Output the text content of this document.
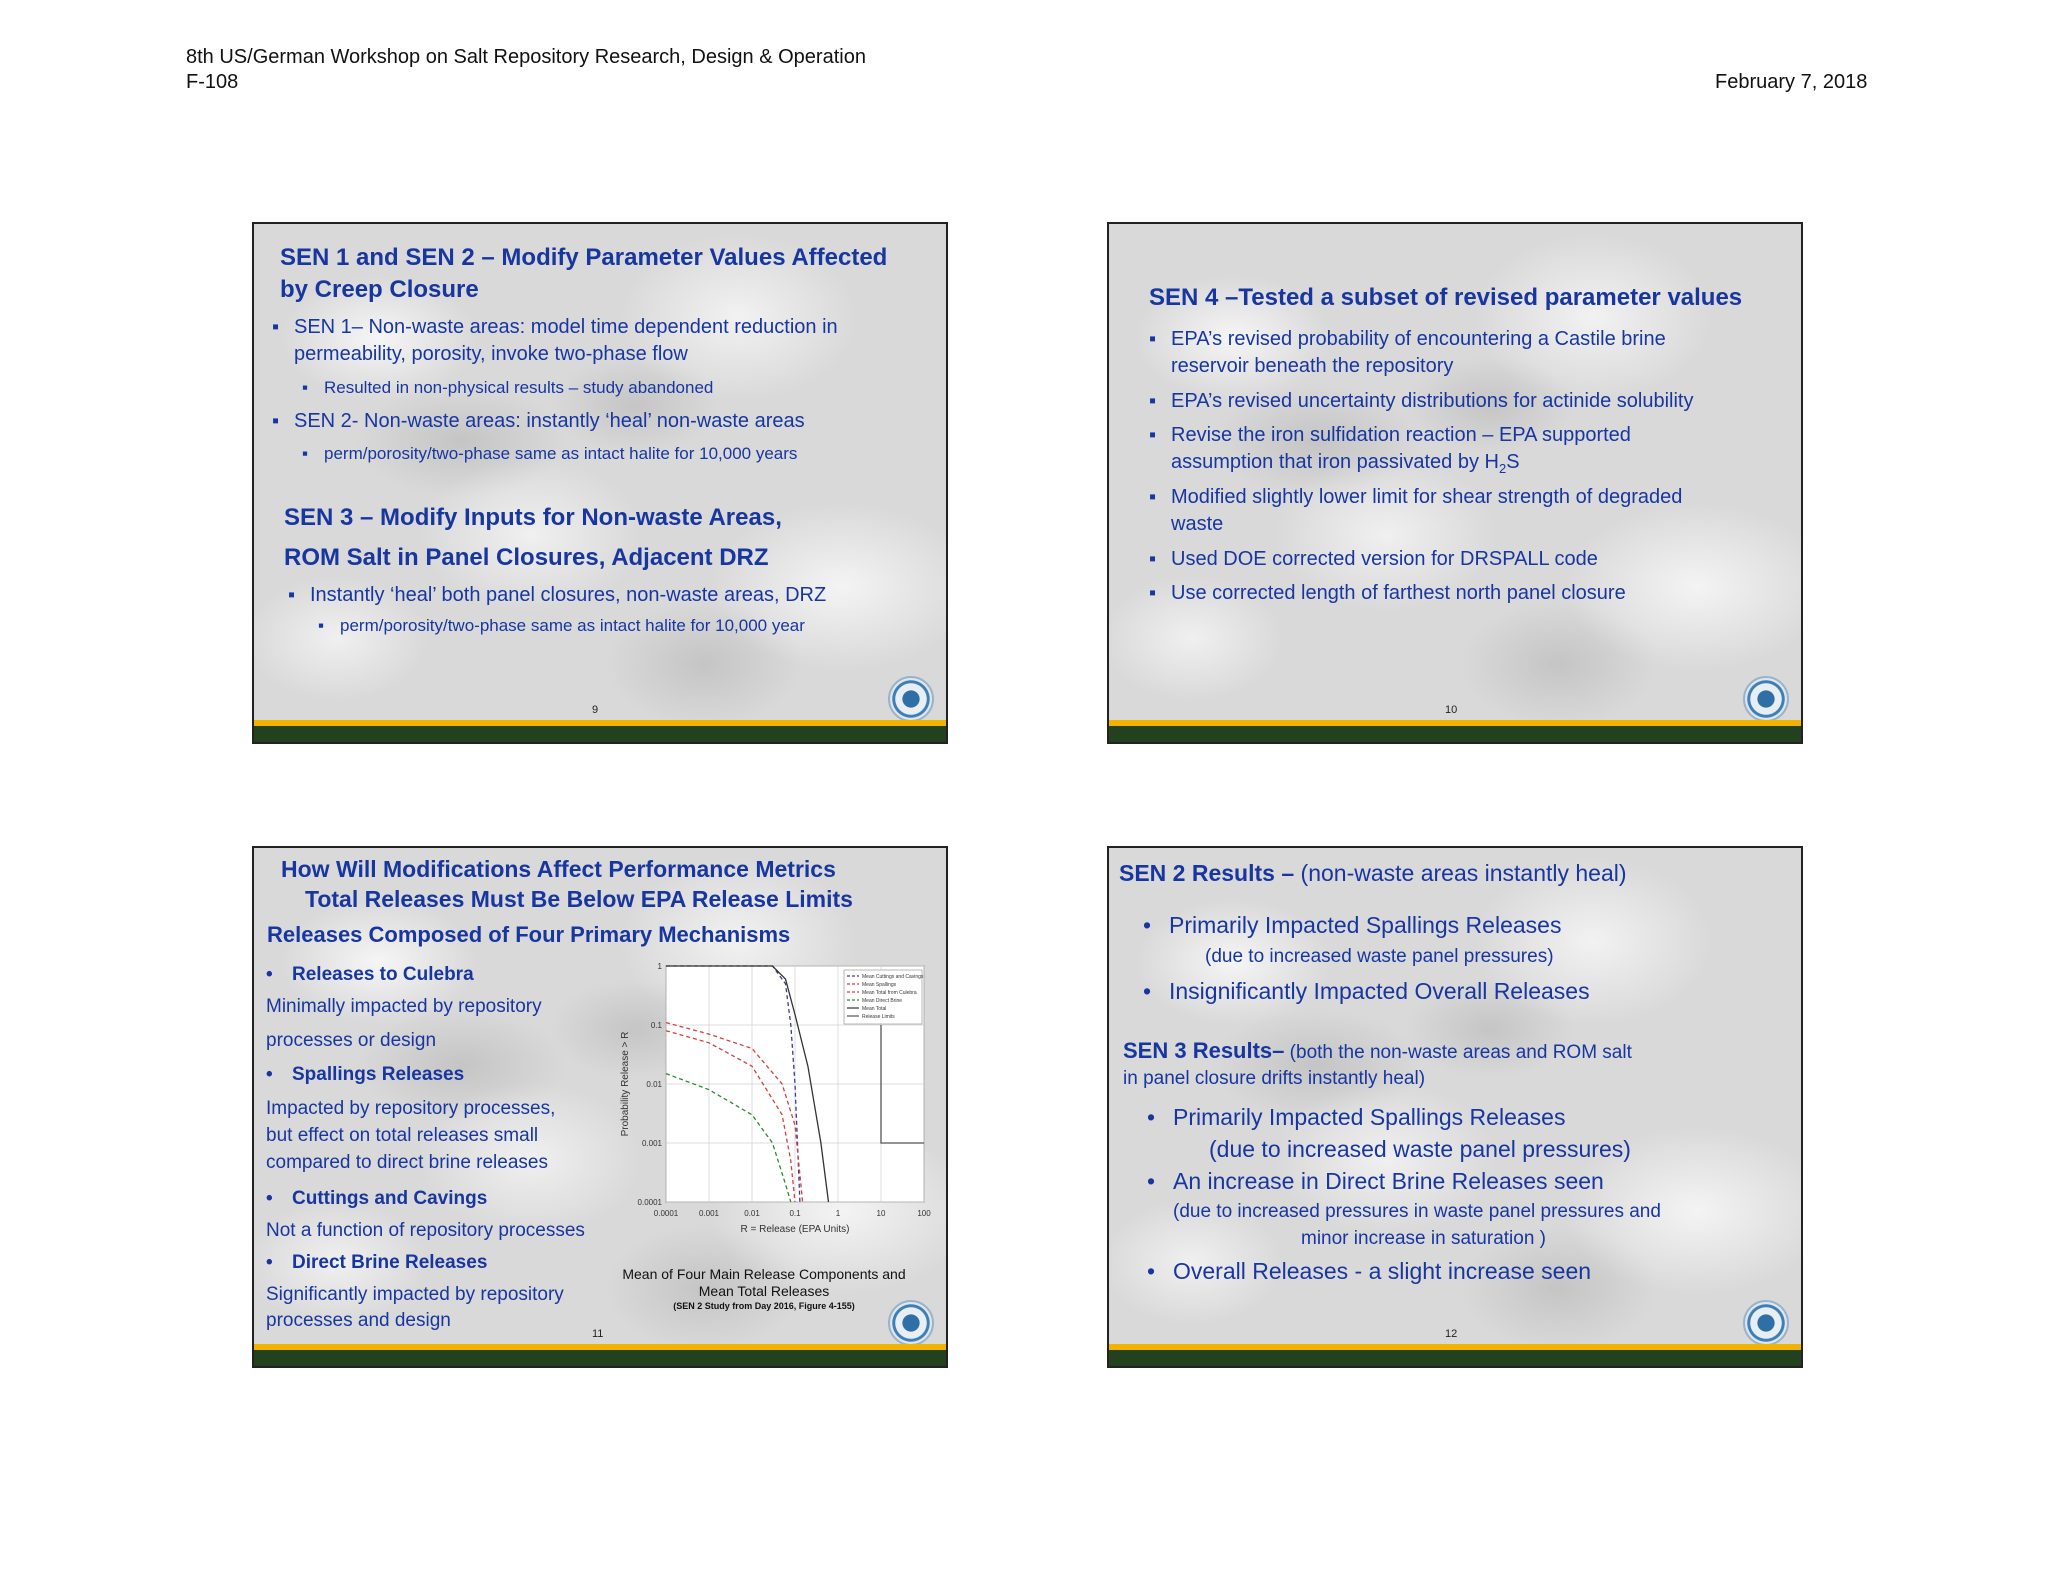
8th US/German Workshop on Salt Repository Research, Design & Operation
F-108	February 7, 2018
SEN 1 and SEN 2 – Modify Parameter Values Affected
by Creep Closure
▪ SEN 1– Non-waste areas: model time dependent reduction in
permeability, porosity, invoke two-phase flow
▪ Resulted in non-physical results – study abandoned
▪ SEN 2- Non-waste areas: instantly ‘heal’ non-waste areas
▪ perm/porosity/two-phase same as intact halite for 10,000 years
SEN 3 – Modify Inputs for Non-waste Areas,
ROM Salt in Panel Closures, Adjacent DRZ
▪ Instantly ‘heal’ both panel closures, non-waste areas, DRZ
▪ perm/porosity/two-phase same as intact halite for 10,000 year
9
SEN 4 –Tested a subset of revised parameter values
▪ EPA’s revised probability of encountering a Castile brine
reservoir beneath the repository
▪ EPA’s revised uncertainty distributions for actinide solubility
▪ Revise the iron sulfidation reaction – EPA supported
assumption that iron passivated by $H_2S$
▪ Modified slightly lower limit for shear strength of degraded
waste
▪ Used DOE corrected version for DRSPALL code
▪ Use corrected length of farthest north panel closure
10
How Will Modifications Affect Performance Metrics
Total Releases Must Be Below EPA Release Limits
Releases Composed of Four Primary Mechanisms
• Releases to Culebra
Minimally impacted by repository
processes or design
• Spallings Releases
Impacted by repository processes,
but effect on total releases small
compared to direct brine releases
• Cuttings and Cavings
Not a function of repository processes
• Direct Brine Releases
Significantly impacted by repository
processes and design
0.0001	0.001	0.01	0.1	1	10	100
1
0.1
0.01
0.001
0.0001
R = Release (EPA Units)
Probability Release > R
Mean Cuttings and Cavings
Mean Spallings
Mean Total from Culebra
Mean Direct Brine
Mean Total
Release Limits
Mean of Four Main Release Components and
Mean Total Releases
(SEN 2 Study from Day 2016, Figure 4-155)
11
SEN 2 Results – (non-waste areas instantly heal)
• Primarily Impacted Spallings Releases
(due to increased waste panel pressures)
• Insignificantly Impacted Overall Releases
SEN 3 Results– (both the non-waste areas and ROM salt
in panel closure drifts instantly heal)
• Primarily Impacted Spallings Releases
(due to increased waste panel pressures)
• An increase in Direct Brine Releases seen
(due to increased pressures in waste panel pressures and
minor increase in saturation )
• Overall Releases - a slight increase seen
12
